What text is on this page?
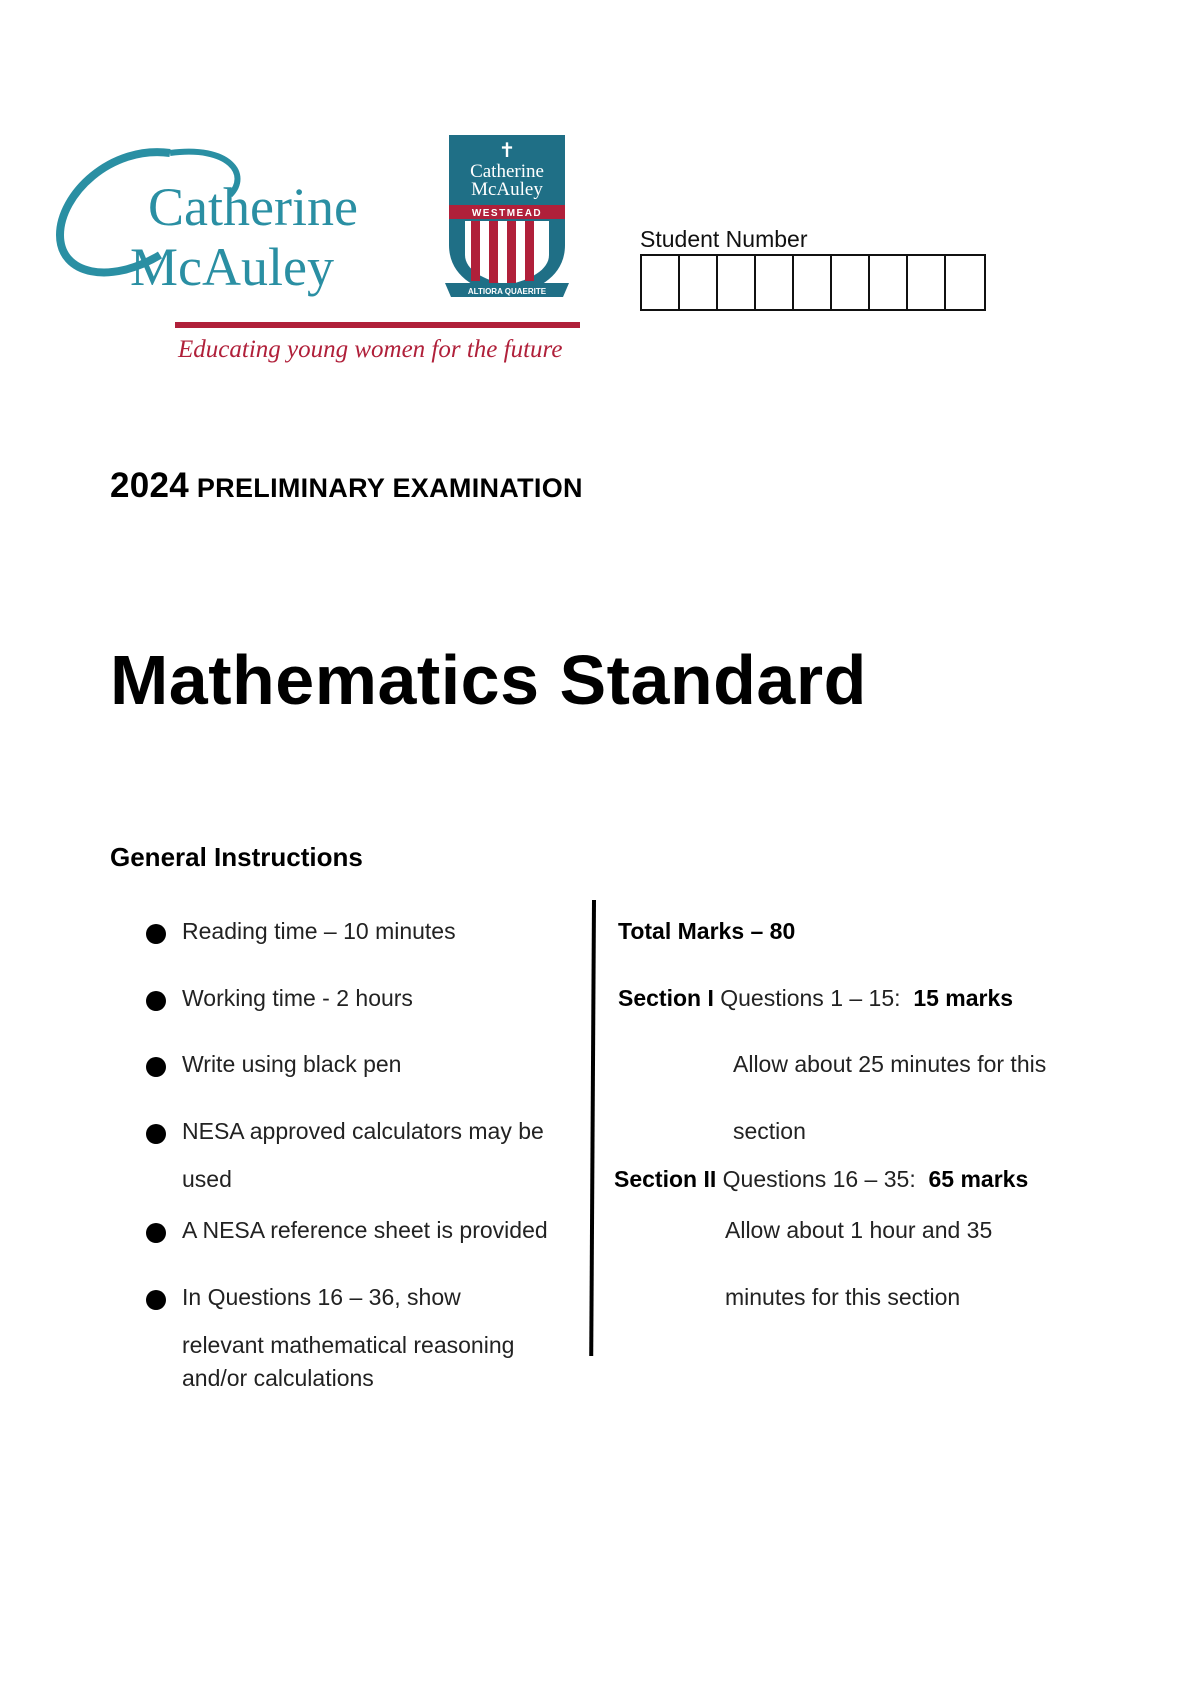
Catherine
McAuley
✝
Catherine
McAuley
WESTMEAD
ALTIORA QUAERITE
Educating young women for the future
Student Number
2024 PRELIMINARY EXAMINATION
Mathematics Standard
General Instructions
Reading time – 10 minutes
Working time - 2 hours
Write using black pen
NESA approved calculators may be
used
A NESA reference sheet is provided
In Questions 16 – 36, show
relevant mathematical reasoning
and/or calculations
Total Marks – 80
Section I Questions 1 – 15: 15 marks
Allow about 25 minutes for this
section
Section II Questions 16 – 35: 65 marks
Allow about 1 hour and 35
minutes for this section
